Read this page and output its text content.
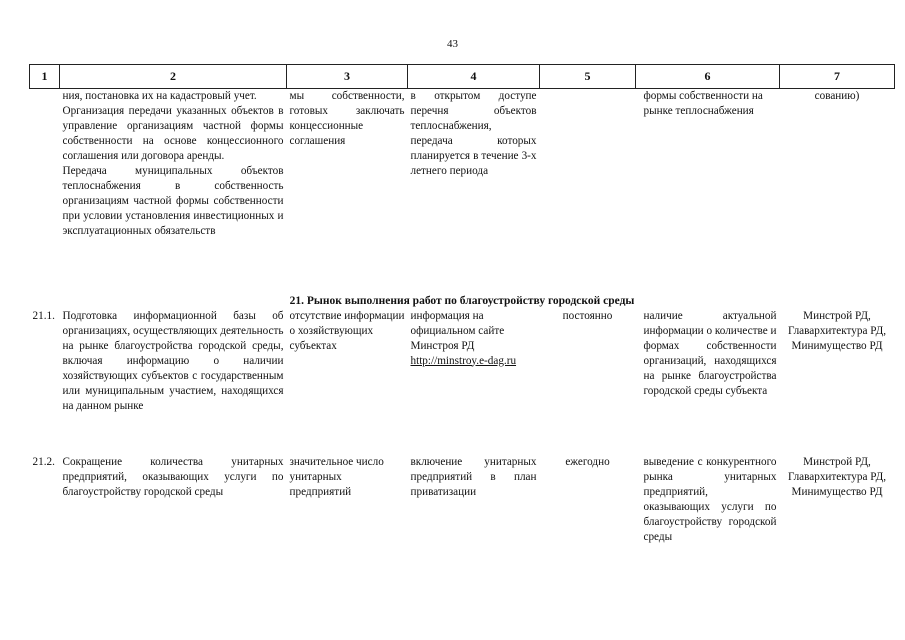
43
1	2	3	4	5	6	7

	ния, постановка их на кадастровый учет.

Организация передачи указанных объектов в управление организациям частной формы собственности на основе концессионного соглашения или договора аренды.

Передача муниципальных объектов теплоснабжения в собственность организациям частной формы собственности при условии установления инвестиционных и эксплуатационных обязательств	мы собственности, готовых заключать концессионные соглашения	в открытом доступе перечня объектов теплоснабжения, передача которых планируется в течение 3-х летнего периода		формы собственности на рынке теплоснабжения	сованию)
21. Рынок выполнения работ по благоустройству городской среды						
21.1.	Подготовка информационной базы об организациях, осуществляющих деятельность на рынке благоустройства городской среды, включая информацию о наличии хозяйствующих субъектов с государственным или муниципальным участием, находящихся на данном рынке	отсутствие информации о хозяйствующих субъектах	информация на официальном сайте Минстроя РД
http://minstroy.e-dag.ru	постоянно	наличие актуальной информации о количестве и формах собственности организаций, находящихся на рынке благоустройства городской среды субъекта	Минстрой РД, Главархитектура РД, Минимущество РД
21.2.	Сокращение количества унитарных предприятий, оказывающих услуги по благоустройству городской среды	значительное число унитарных предприятий	включение унитарных предприятий в план приватизации	ежегодно	выведение с конкурентного рынка унитарных предприятий, оказывающих услуги по благоустройству городской среды	Минстрой РД, Главархитектура РД, Минимущество РД
